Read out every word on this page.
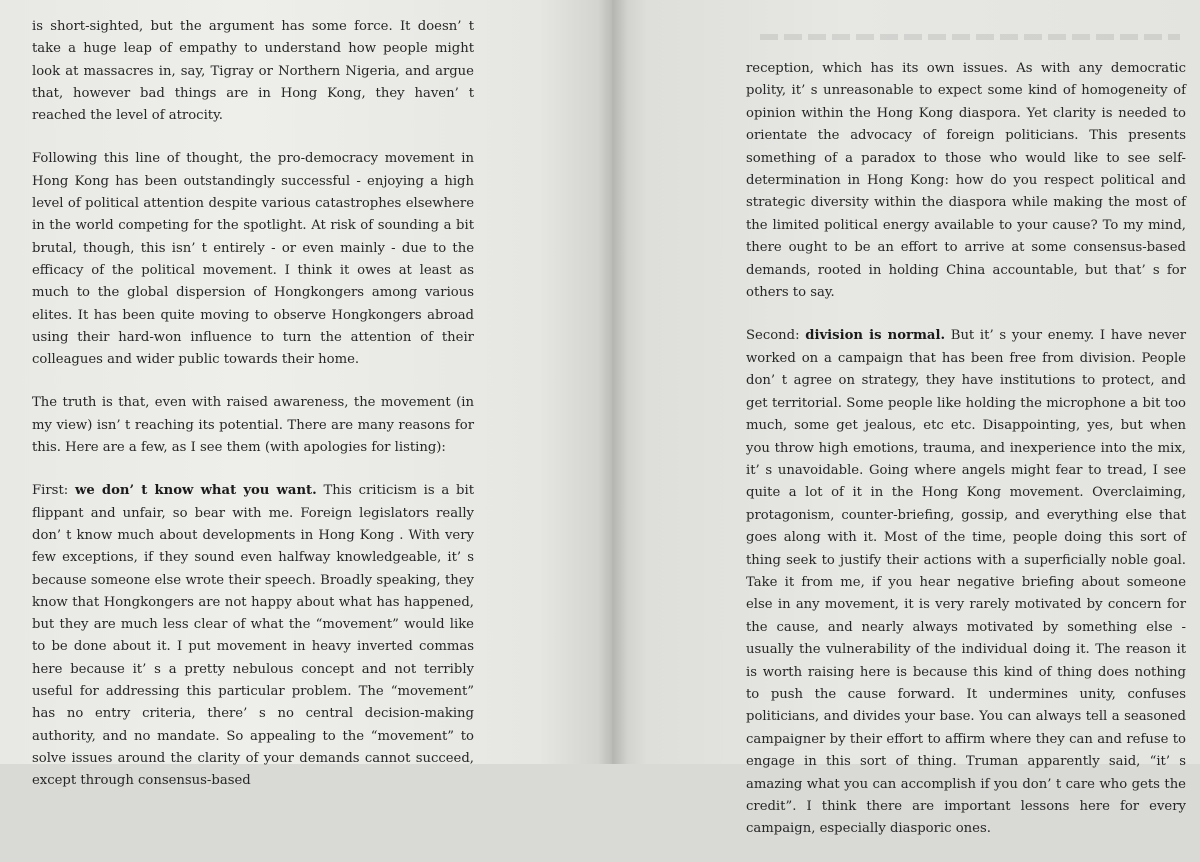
is short-sighted, but the argument has some force. It doesn’ t take a huge leap of empathy to understand how people might look at massacres in, say, Tigray or Northern Nigeria, and argue that, however bad things are in Hong Kong, they haven’ t reached the level of atrocity.

Following this line of thought, the pro-democracy movement in Hong Kong has been outstandingly successful - enjoying a high level of political attention despite various catastrophes elsewhere in the world competing for the spotlight. At risk of sounding a bit brutal, though, this isn’ t entirely - or even mainly - due to the efficacy of the political movement. I think it owes at least as much to the global dispersion of Hongkongers among various elites. It has been quite moving to observe Hongkongers abroad using their hard-won influence to turn the attention of their colleagues and wider public towards their home.

The truth is that, even with raised awareness, the movement (in my view) isn’ t reaching its potential. There are many reasons for this. Here are a few, as I see them (with apologies for listing):

First: we don’ t know what you want. This criticism is a bit flippant and unfair, so bear with me. Foreign legislators really don’ t know much about developments in Hong Kong . With very few exceptions, if they sound even halfway knowledgeable, it’ s because someone else wrote their speech. Broadly speaking, they know that Hongkongers are not happy about what has happened, but they are much less clear of what the “movement” would like to be done about it. I put movement in heavy inverted commas here because it’ s a pretty nebulous concept and not terribly useful for addressing this particular problem. The “movement” has no entry criteria, there’ s no central decision-making authority, and no mandate. So appealing to the “movement” to solve issues around the clarity of your demands cannot succeed, except through consensus-based

reception, which has its own issues. As with any democratic polity, it’ s unreasonable to expect some kind of homogeneity of opinion within the Hong Kong diaspora. Yet clarity is needed to orientate the advocacy of foreign politicians. This presents something of a paradox to those who would like to see self-determination in Hong Kong: how do you respect political and strategic diversity within the diaspora while making the most of the limited political energy available to your cause? To my mind, there ought to be an effort to arrive at some consensus-based demands, rooted in holding China accountable, but that’ s for others to say.

Second: division is normal. But it’ s your enemy. I have never worked on a campaign that has been free from division. People don’ t agree on strategy, they have institutions to protect, and get territorial. Some people like holding the microphone a bit too much, some get jealous, etc etc. Disappointing, yes, but when you throw high emotions, trauma, and inexperience into the mix, it’ s unavoidable. Going where angels might fear to tread, I see quite a lot of it in the Hong Kong movement. Overclaiming, protagonism, counter-briefing, gossip, and everything else that goes along with it. Most of the time, people doing this sort of thing seek to justify their actions with a superficially noble goal. Take it from me, if you hear negative briefing about someone else in any movement, it is very rarely motivated by concern for the cause, and nearly always motivated by something else - usually the vulnerability of the individual doing it. The reason it is worth raising here is because this kind of thing does nothing to push the cause forward. It undermines unity, confuses politicians, and divides your base. You can always tell a seasoned campaigner by their effort to affirm where they can and refuse to engage in this sort of thing. Truman apparently said, “it’ s amazing what you can accomplish if you don’ t care who gets the credit”. I think there are important lessons here for every campaign, especially diasporic ones.
